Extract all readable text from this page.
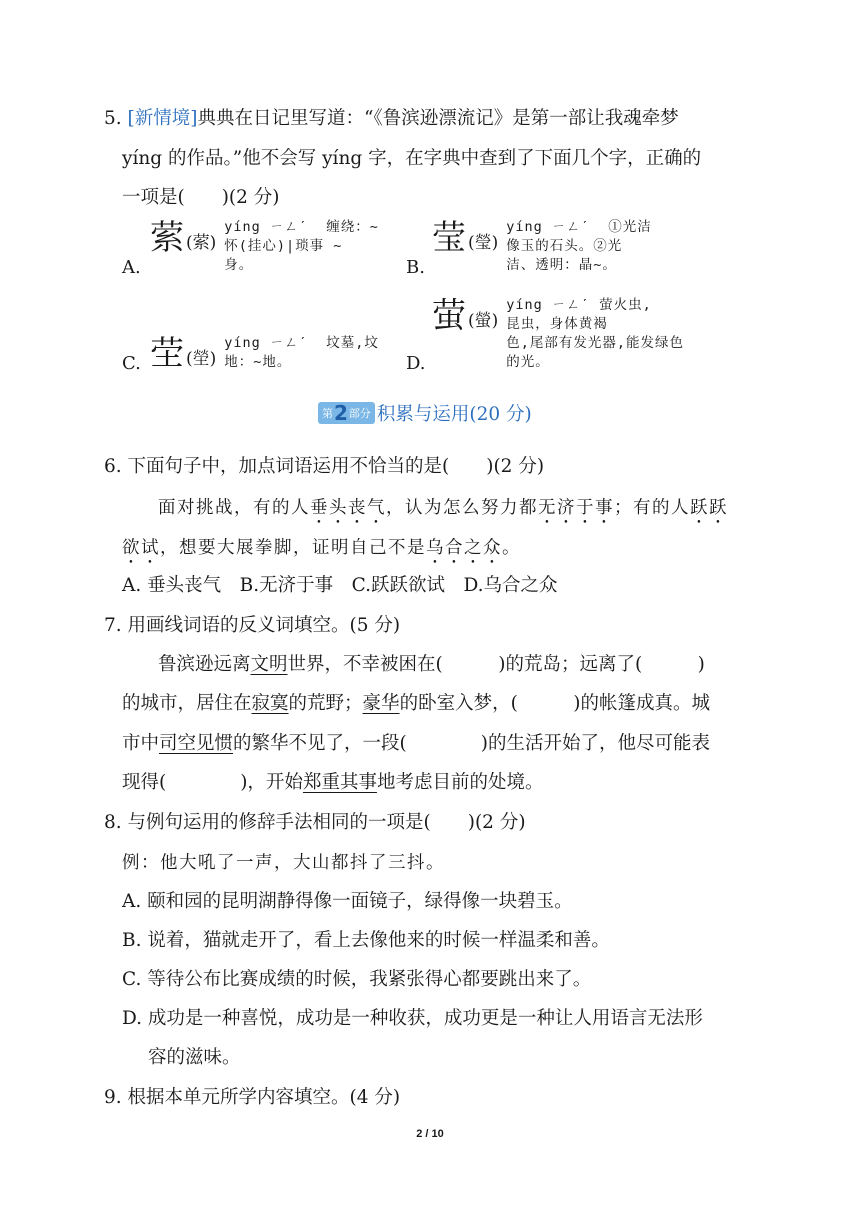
5. [新情境]典典在日记里写道：“《鲁滨逊漂流记》是第一部让我魂牵梦
yíng 的作品。”他不会写 yíng 字，在字典中查到了下面几个字，正确的
一项是(　　)(2 分)
A.
萦 (萦)
yíng ㄧㄥˊ  缠绕：~
怀(挂心)|琐事 ~
身。	B.
莹 (瑩)
yíng ㄧㄥˊ  ①光洁
像玉的石头。②光
洁、透明：晶~。
C. 茔 (塋)
yíng ㄧㄥˊ  坟墓,坟
地：~地。	D.
萤 (螢)
yíng ㄧㄥˊ 萤火虫,
昆虫，身体黄褐
色,尾部有发光器,能发绿色
的光。
第 2 部分 积累与运用(20 分)
6. 下面句子中，加点词语运用不恰当的是(　　)(2 分)
面对挑战，有的人垂头丧气，认为怎么努力都无济于事；有的人跃跃
欲试，想要大展拳脚，证明自己不是乌合之众。
A. 垂头丧气　B.无济于事　C.跃跃欲试　D.乌合之众
7. 用画线词语的反义词填空。(5 分)
鲁滨逊远离文明世界，不幸被困在(　　　)的荒岛；远离了(　　　)
的城市，居住在寂寞的荒野；豪华的卧室入梦，(　　　)的帐篷成真。城
市中司空见惯的繁华不见了，一段(　　　　)的生活开始了，他尽可能表
现得(　　　　)，开始郑重其事地考虑目前的处境。
8. 与例句运用的修辞手法相同的一项是(　　)(2 分)
例：他大吼了一声，大山都抖了三抖。
A. 颐和园的昆明湖静得像一面镜子，绿得像一块碧玉。
B. 说着，猫就走开了，看上去像他来的时候一样温柔和善。
C. 等待公布比赛成绩的时候，我紧张得心都要跳出来了。
D. 成功是一种喜悦，成功是一种收获，成功更是一种让人用语言无法形
容的滋味。
9. 根据本单元所学内容填空。(4 分)
2 / 10
